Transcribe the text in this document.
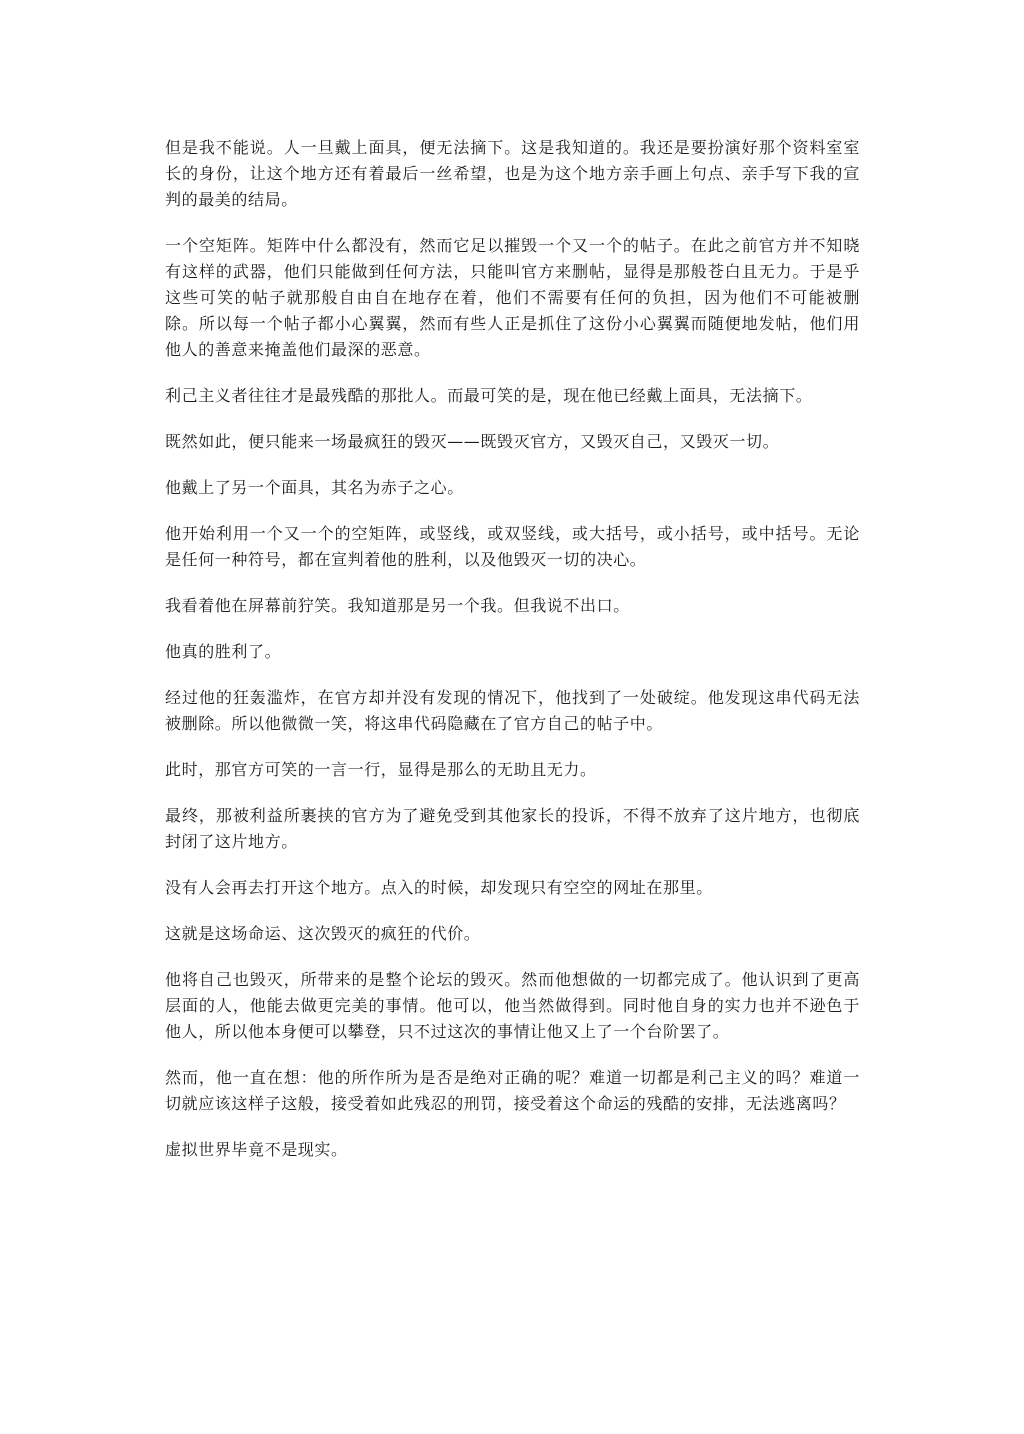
但是我不能说。人一旦戴上面具，便无法摘下。这是我知道的。我还是要扮演好那个资料室室长的身份，让这个地方还有着最后一丝希望，也是为这个地方亲手画上句点、亲手写下我的宣判的最美的结局。

一个空矩阵。矩阵中什么都没有，然而它足以摧毁一个又一个的帖子。在此之前官方并不知晓有这样的武器，他们只能做到任何方法，只能叫官方来删帖，显得是那般苍白且无力。于是乎这些可笑的帖子就那般自由自在地存在着，他们不需要有任何的负担，因为他们不可能被删除。所以每一个帖子都小心翼翼，然而有些人正是抓住了这份小心翼翼而随便地发帖，他们用他人的善意来掩盖他们最深的恶意。

利己主义者往往才是最残酷的那批人。而最可笑的是，现在他已经戴上面具，无法摘下。

既然如此，便只能来一场最疯狂的毁灭——既毁灭官方，又毁灭自己，又毁灭一切。

他戴上了另一个面具，其名为赤子之心。

他开始利用一个又一个的空矩阵，或竖线，或双竖线，或大括号，或小括号，或中括号。无论是任何一种符号，都在宣判着他的胜利，以及他毁灭一切的决心。

我看着他在屏幕前狞笑。我知道那是另一个我。但我说不出口。

他真的胜利了。

经过他的狂轰滥炸，在官方却并没有发现的情况下，他找到了一处破绽。他发现这串代码无法被删除。所以他微微一笑，将这串代码隐藏在了官方自己的帖子中。

此时，那官方可笑的一言一行，显得是那么的无助且无力。

最终，那被利益所裹挟的官方为了避免受到其他家长的投诉，不得不放弃了这片地方，也彻底封闭了这片地方。

没有人会再去打开这个地方。点入的时候，却发现只有空空的网址在那里。

这就是这场命运、这次毁灭的疯狂的代价。

他将自己也毁灭，所带来的是整个论坛的毁灭。然而他想做的一切都完成了。他认识到了更高层面的人，他能去做更完美的事情。他可以，他当然做得到。同时他自身的实力也并不逊色于他人，所以他本身便可以攀登，只不过这次的事情让他又上了一个台阶罢了。

然而，他一直在想：他的所作所为是否是绝对正确的呢？难道一切都是利己主义的吗？难道一切就应该这样子这般，接受着如此残忍的刑罚，接受着这个命运的残酷的安排，无法逃离吗？

虚拟世界毕竟不是现实。
